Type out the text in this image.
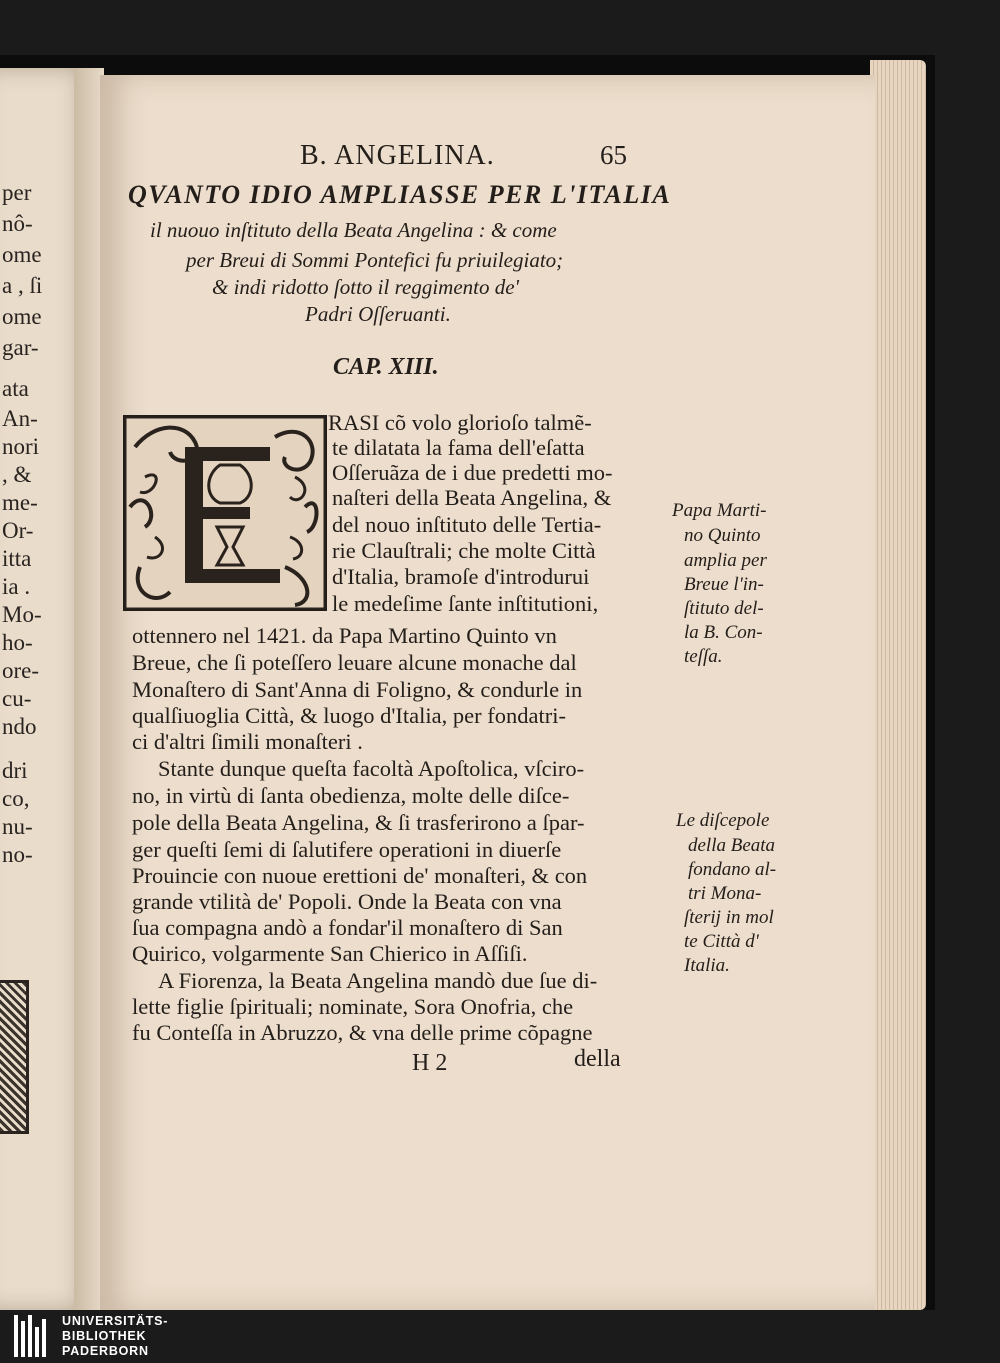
per
nô-
ome
a , ſi
ome
gar-
ata
An-
nori
, &
me-
Or-
itta
ia .
Mo-
ho-
ore-
cu-
ndo
dri
co,
nu-
no-
B. ANGELINA.	65
QVANTO IDIO AMPLIASSE PER L'ITALIA
il nuouo inſtituto della Beata Angelina : & come
per Breui di Sommi Pontefici fu priuilegiato;
& indi ridotto ſotto il reggimento de'
Padri Oſſeruanti.
CAP. XIII.
RASI cõ volo glorioſo talmẽ-
te dilatata la fama dell'eſatta
Oſſeruãza de i due predetti mo-
naſteri della Beata Angelina, &
del nouo inſtituto delle Tertia-
rie Clauſtrali; che molte Città
d'Italia, bramoſe d'introdurui
le medeſime ſante inſtitutioni,
ottennero nel 1421. da Papa Martino Quinto vn
Breue, che ſi poteſſero leuare alcune monache dal
Monaſtero di Sant'Anna di Foligno, & condurle in
qualſiuoglia Città, & luogo d'Italia, per fondatri-
ci d'altri ſimili monaſteri .
Stante dunque queſta facoltà Apoſtolica, vſciro-
no, in virtù di ſanta obedienza, molte delle diſce-
pole della Beata Angelina, & ſi trasferirono a ſpar-
ger queſti ſemi di ſalutifere operationi in diuerſe
Prouincie con nuoue erettioni de' monaſteri, & con
grande vtilità de' Popoli. Onde la Beata con vna
ſua compagna andò a fondar'il monaſtero di San
Quirico, volgarmente San Chierico in Aſſiſi.
A Fiorenza, la Beata Angelina mandò due ſue di-
lette figlie ſpirituali; nominate, Sora Onofria, che
fu Conteſſa in Abruzzo, & vna delle prime cõpagne
H 2	della
Papa Marti-
no Quinto
amplia per
Breue l'in-
ſtituto del-
la B. Con-
teſſa.
Le diſcepole
della Beata
fondano al-
tri Mona-
ſterij in mol
te Città d'
Italia.
UNIVERSITÄTS-
BIBLIOTHEK
PADERBORN
